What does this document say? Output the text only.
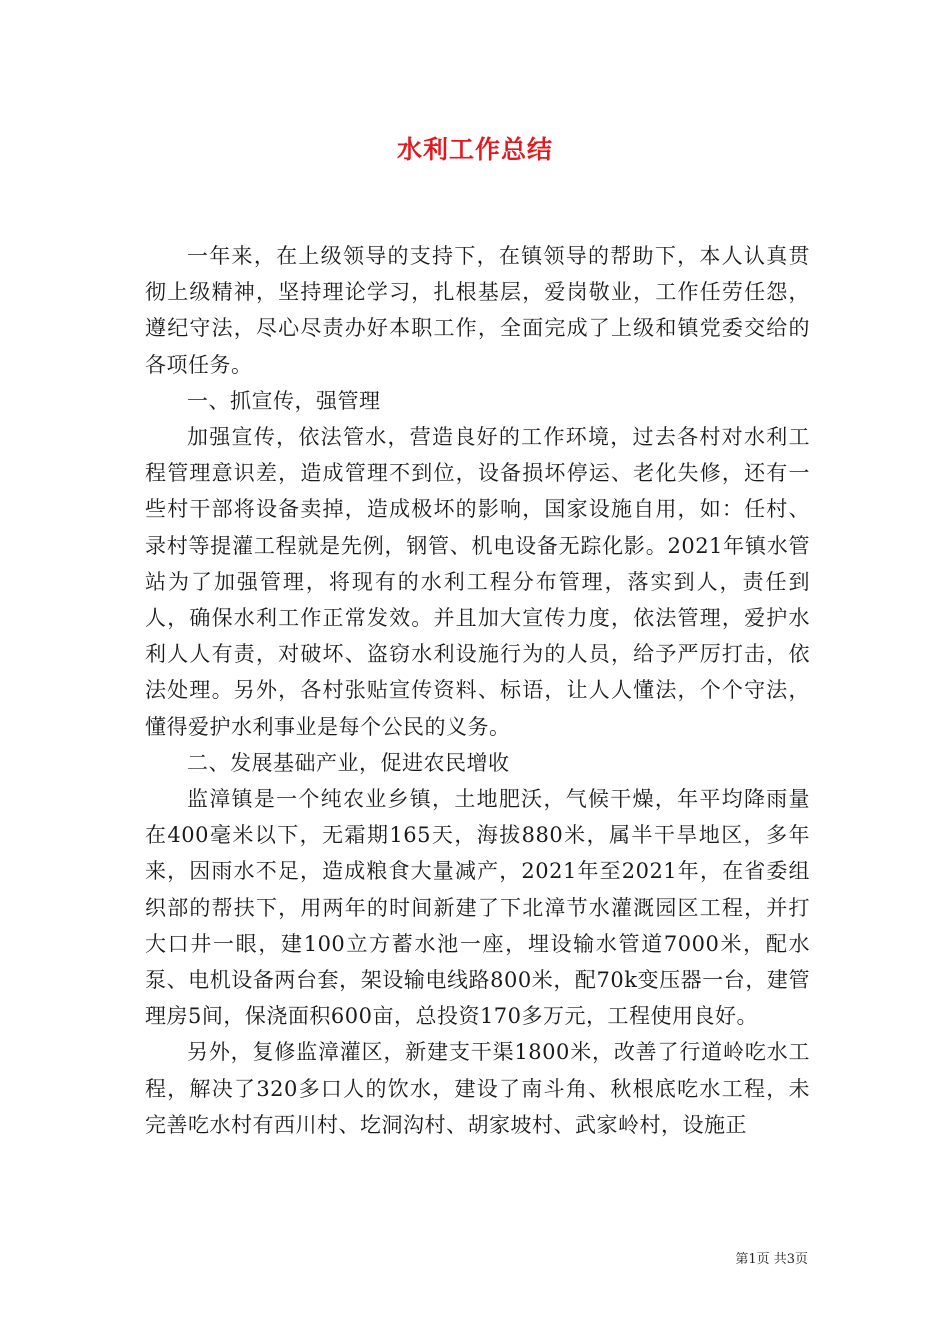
水利工作总结

一年来，在上级领导的支持下，在镇领导的帮助下，本人认真贯彻上级精神，坚持理论学习，扎根基层，爱岗敬业，工作任劳任怨，遵纪守法，尽心尽责办好本职工作，全面完成了上级和镇党委交给的各项任务。

一、抓宣传，强管理

加强宣传，依法管水，营造良好的工作环境，过去各村对水利工程管理意识差，造成管理不到位，设备损坏停运、老化失修，还有一些村干部将设备卖掉，造成极坏的影响，国家设施自用，如：任村、录村等提灌工程就是先例，钢管、机电设备无踪化影。2021年镇水管站为了加强管理，将现有的水利工程分布管理，落实到人，责任到人，确保水利工作正常发效。并且加大宣传力度，依法管理，爱护水利人人有责，对破坏、盗窃水利设施行为的人员，给予严厉打击，依法处理。另外，各村张贴宣传资料、标语，让人人懂法，个个守法，懂得爱护水利事业是每个公民的义务。

二、发展基础产业，促进农民增收

监漳镇是一个纯农业乡镇，土地肥沃，气候干燥，年平均降雨量在400毫米以下，无霜期165天，海拔880米，属半干旱地区，多年来，因雨水不足，造成粮食大量减产，2021年至2021年，在省委组织部的帮扶下，用两年的时间新建了下北漳节水灌溉园区工程，并打大口井一眼，建100立方蓄水池一座，埋设输水管道7000米，配水泵、电机设备两台套，架设输电线路800米，配70k变压器一台，建管理房5间，保浇面积600亩，总投资170多万元，工程使用良好。

另外，复修监漳灌区，新建支干渠1800米，改善了行道岭吃水工程，解决了320多口人的饮水，建设了南斗角、秋根底吃水工程，未完善吃水村有西川村、圪洞沟村、胡家坡村、武家岭村，设施正

第1页 共3页
